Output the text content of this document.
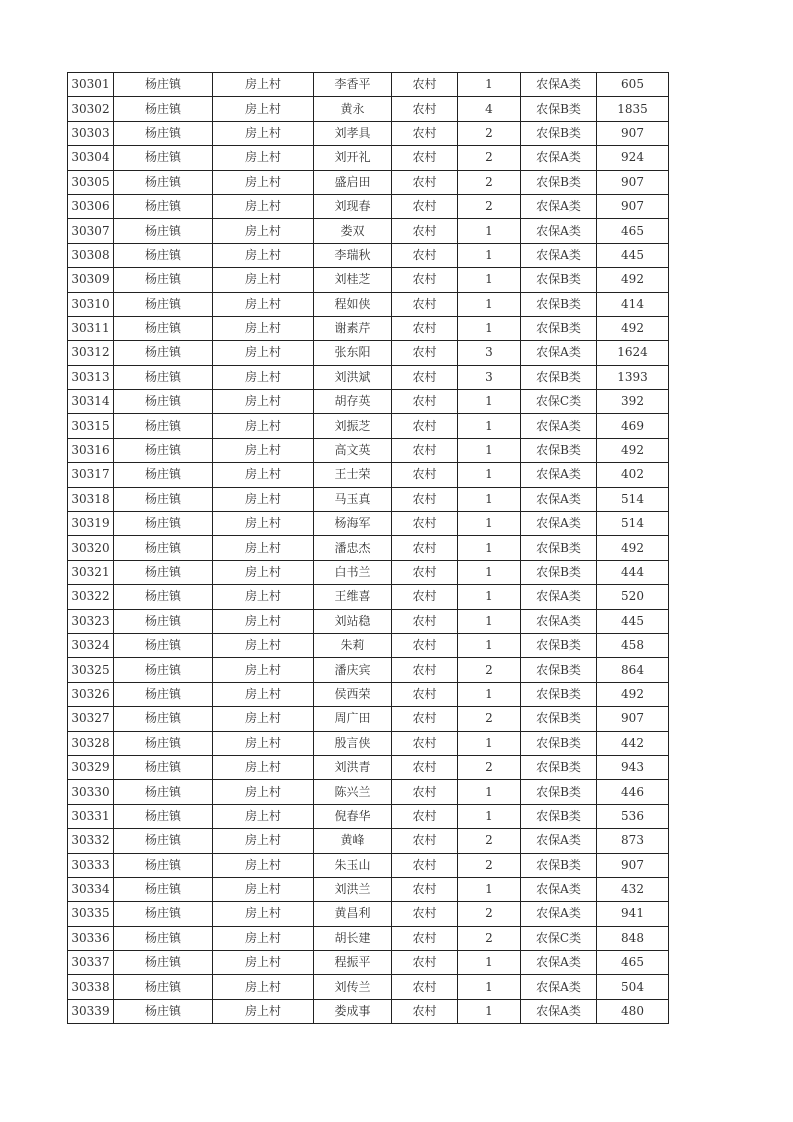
30301	杨庄镇	房上村	李香平	农村	1	农保A类	605
30302	杨庄镇	房上村	黄永	农村	4	农保B类	1835
30303	杨庄镇	房上村	刘孝具	农村	2	农保B类	907
30304	杨庄镇	房上村	刘开礼	农村	2	农保A类	924
30305	杨庄镇	房上村	盛启田	农村	2	农保B类	907
30306	杨庄镇	房上村	刘现春	农村	2	农保A类	907
30307	杨庄镇	房上村	娄双	农村	1	农保A类	465
30308	杨庄镇	房上村	李瑞秋	农村	1	农保A类	445
30309	杨庄镇	房上村	刘桂芝	农村	1	农保B类	492
30310	杨庄镇	房上村	程如侠	农村	1	农保B类	414
30311	杨庄镇	房上村	谢素芹	农村	1	农保B类	492
30312	杨庄镇	房上村	张东阳	农村	3	农保A类	1624
30313	杨庄镇	房上村	刘洪斌	农村	3	农保B类	1393
30314	杨庄镇	房上村	胡存英	农村	1	农保C类	392
30315	杨庄镇	房上村	刘振芝	农村	1	农保A类	469
30316	杨庄镇	房上村	高文英	农村	1	农保B类	492
30317	杨庄镇	房上村	王士荣	农村	1	农保A类	402
30318	杨庄镇	房上村	马玉真	农村	1	农保A类	514
30319	杨庄镇	房上村	杨海军	农村	1	农保A类	514
30320	杨庄镇	房上村	潘忠杰	农村	1	农保B类	492
30321	杨庄镇	房上村	白书兰	农村	1	农保B类	444
30322	杨庄镇	房上村	王维喜	农村	1	农保A类	520
30323	杨庄镇	房上村	刘站稳	农村	1	农保A类	445
30324	杨庄镇	房上村	朱莉	农村	1	农保B类	458
30325	杨庄镇	房上村	潘庆宾	农村	2	农保B类	864
30326	杨庄镇	房上村	侯西荣	农村	1	农保B类	492
30327	杨庄镇	房上村	周广田	农村	2	农保B类	907
30328	杨庄镇	房上村	殷言侠	农村	1	农保B类	442
30329	杨庄镇	房上村	刘洪青	农村	2	农保B类	943
30330	杨庄镇	房上村	陈兴兰	农村	1	农保B类	446
30331	杨庄镇	房上村	倪春华	农村	1	农保B类	536
30332	杨庄镇	房上村	黄峰	农村	2	农保A类	873
30333	杨庄镇	房上村	朱玉山	农村	2	农保B类	907
30334	杨庄镇	房上村	刘洪兰	农村	1	农保A类	432
30335	杨庄镇	房上村	黄昌利	农村	2	农保A类	941
30336	杨庄镇	房上村	胡长建	农村	2	农保C类	848
30337	杨庄镇	房上村	程振平	农村	1	农保A类	465
30338	杨庄镇	房上村	刘传兰	农村	1	农保A类	504
30339	杨庄镇	房上村	娄成事	农村	1	农保A类	480
